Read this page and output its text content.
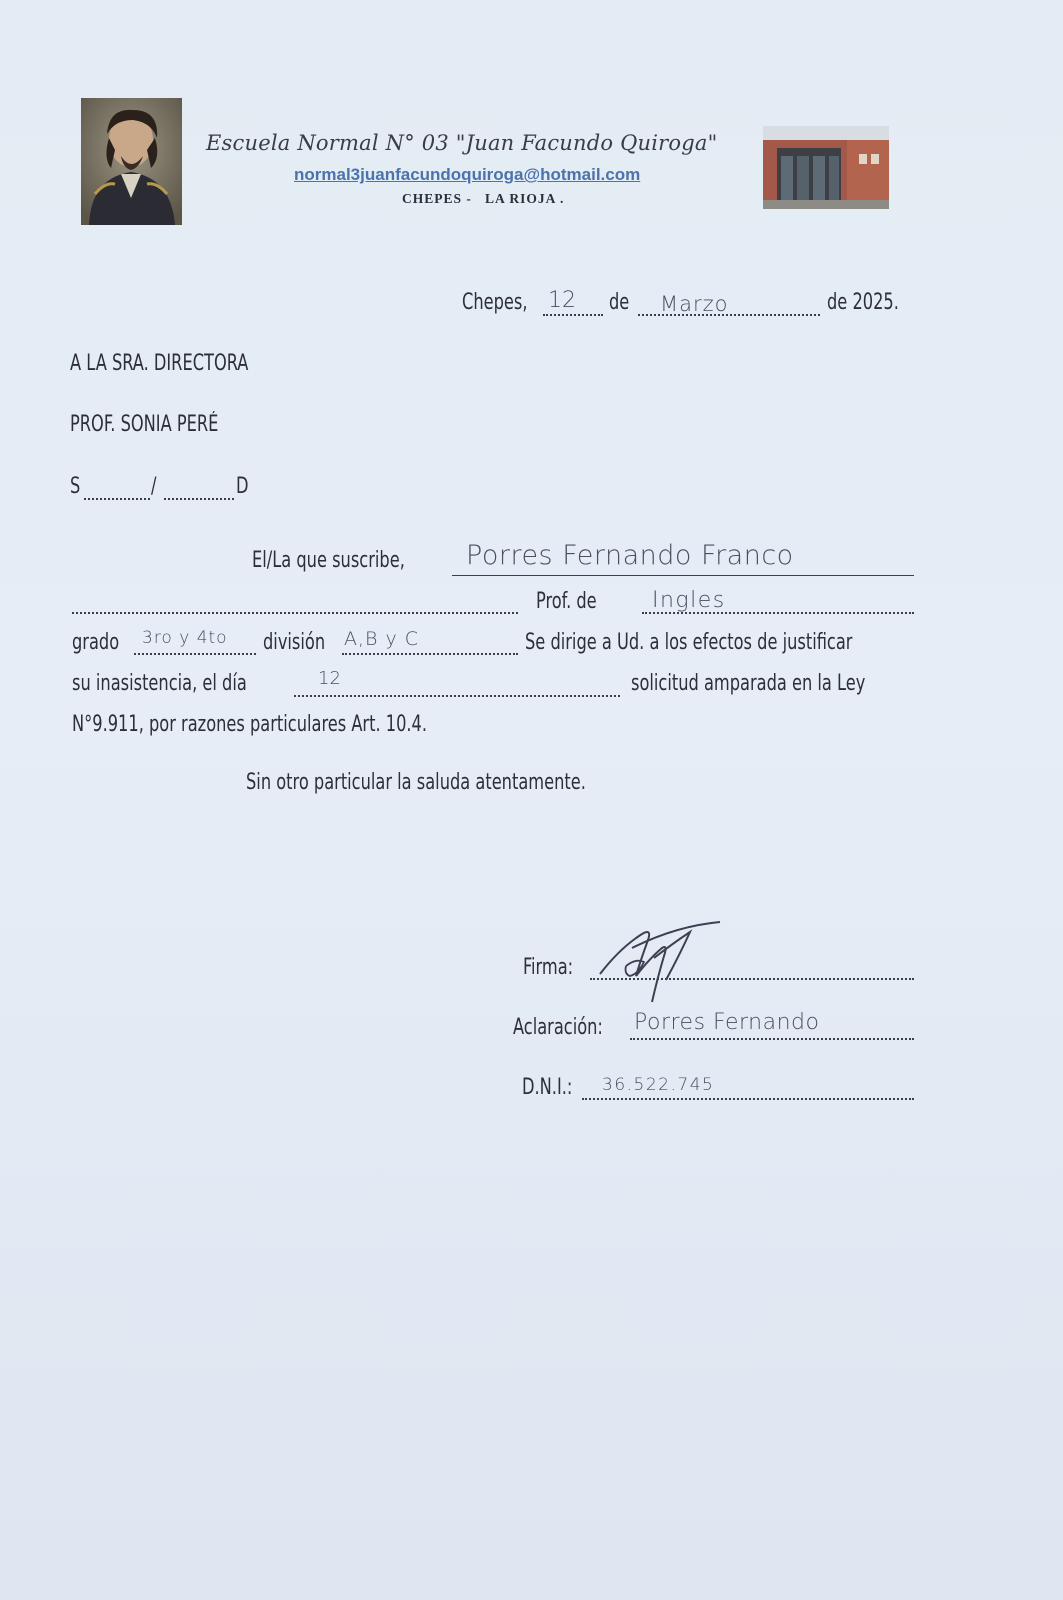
Escuela Normal N° 03 "Juan Facundo Quiroga"
normal3juanfacundoquiroga@hotmail.com
CHEPES -   LA RIOJA .
Chepes, 12 de Marzo	de 2025.
A LA SRA. DIRECTORA
PROF. SONIA PERÉ
S	/	D
El/La que suscribe, Porres Fernando Franco
Prof. de	Ingles
grado 3ro y 4to división A,B y C	Se dirige a Ud. a los efectos de justificar
su inasistencia, el día	12	solicitud amparada en la Ley
N°9.911, por razones particulares Art. 10.4.
Sin otro particular la saluda atentamente.
Firma:
Aclaración: Porres Fernando
D.N.I.: 36.522.745
